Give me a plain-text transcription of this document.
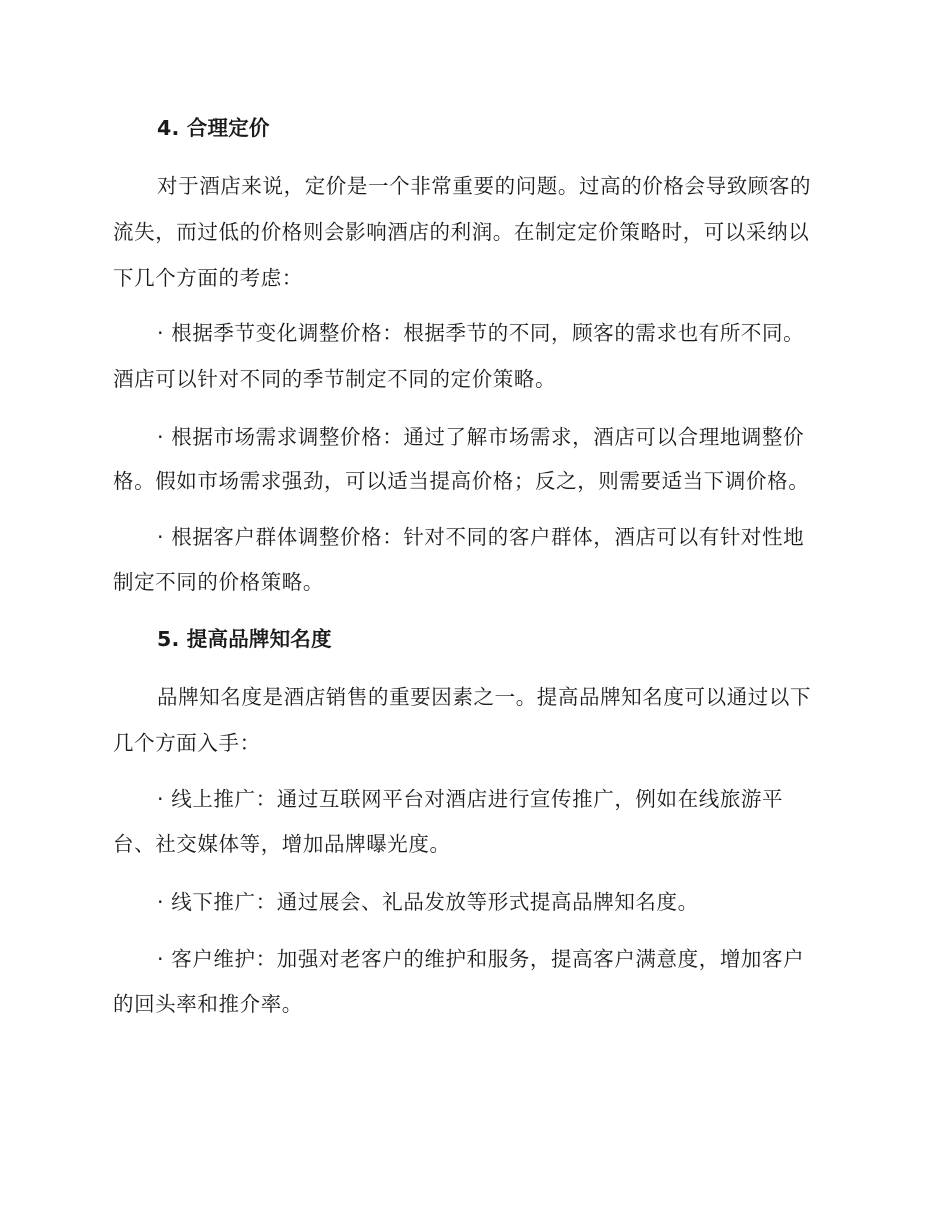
4. 合理定价
对于酒店来说，定价是一个非常重要的问题。过高的价格会导致顾客的
流失，而过低的价格则会影响酒店的利润。在制定定价策略时，可以采纳以
下几个方面的考虑：
· 根据季节变化调整价格：根据季节的不同，顾客的需求也有所不同。
酒店可以针对不同的季节制定不同的定价策略。
· 根据市场需求调整价格：通过了解市场需求，酒店可以合理地调整价
格。假如市场需求强劲，可以适当提高价格；反之，则需要适当下调价格。
· 根据客户群体调整价格：针对不同的客户群体，酒店可以有针对性地
制定不同的价格策略。
5. 提高品牌知名度
品牌知名度是酒店销售的重要因素之一。提高品牌知名度可以通过以下
几个方面入手：
· 线上推广：通过互联网平台对酒店进行宣传推广，例如在线旅游平
台、社交媒体等，增加品牌曝光度。
· 线下推广：通过展会、礼品发放等形式提高品牌知名度。
· 客户维护：加强对老客户的维护和服务，提高客户满意度，增加客户
的回头率和推介率。
